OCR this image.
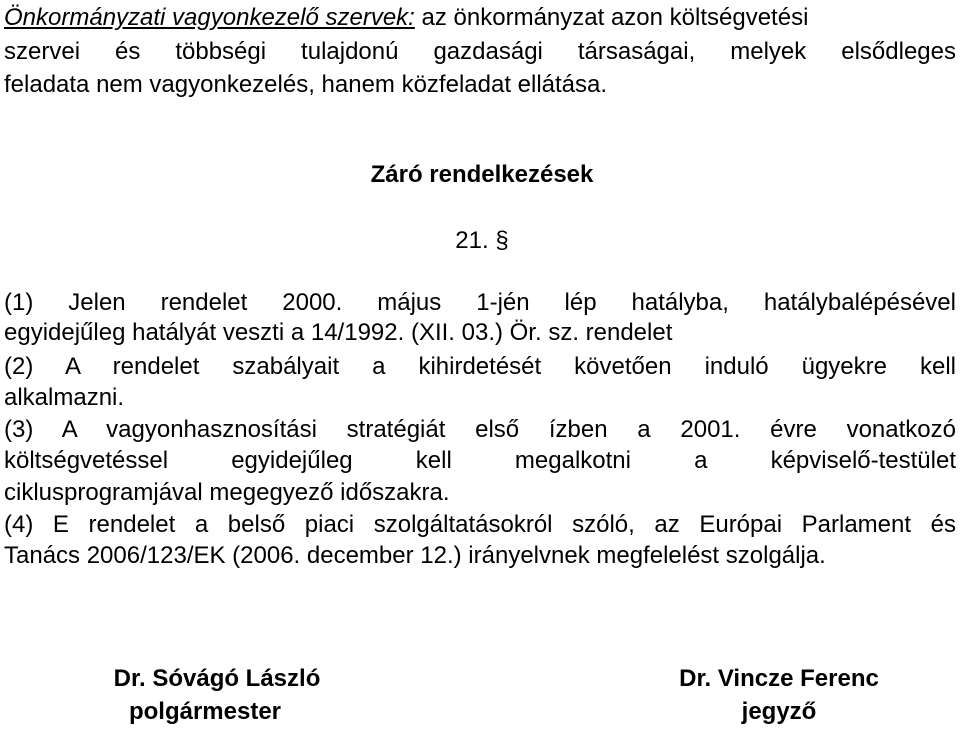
Önkormányzati vagyonkezelő szervek: az önkormányzat azon költségvetési
szervei és többségi tulajdonú gazdasági társaságai, melyek elsődleges
feladata nem vagyonkezelés, hanem közfeladat ellátása.
Záró rendelkezések
21. §
(1) Jelen rendelet 2000. május 1-jén lép hatályba, hatálybalépésével
egyidejűleg hatályát veszti a 14/1992. (XII. 03.) Ör. sz. rendelet
(2) A rendelet szabályait a kihirdetését követően induló ügyekre kell
alkalmazni.
(3) A vagyonhasznosítási stratégiát első ízben a 2001. évre vonatkozó
költségvetéssel egyidejűleg kell megalkotni a képviselő-testület
ciklusprogramjával megegyező időszakra.
(4) E rendelet a belső piaci szolgáltatásokról szóló, az Európai Parlament és
Tanács 2006/123/EK (2006. december 12.) irányelvnek megfelelést szolgálja.
Dr. Sóvágó László
polgármester
Dr. Vincze Ferenc
jegyző
